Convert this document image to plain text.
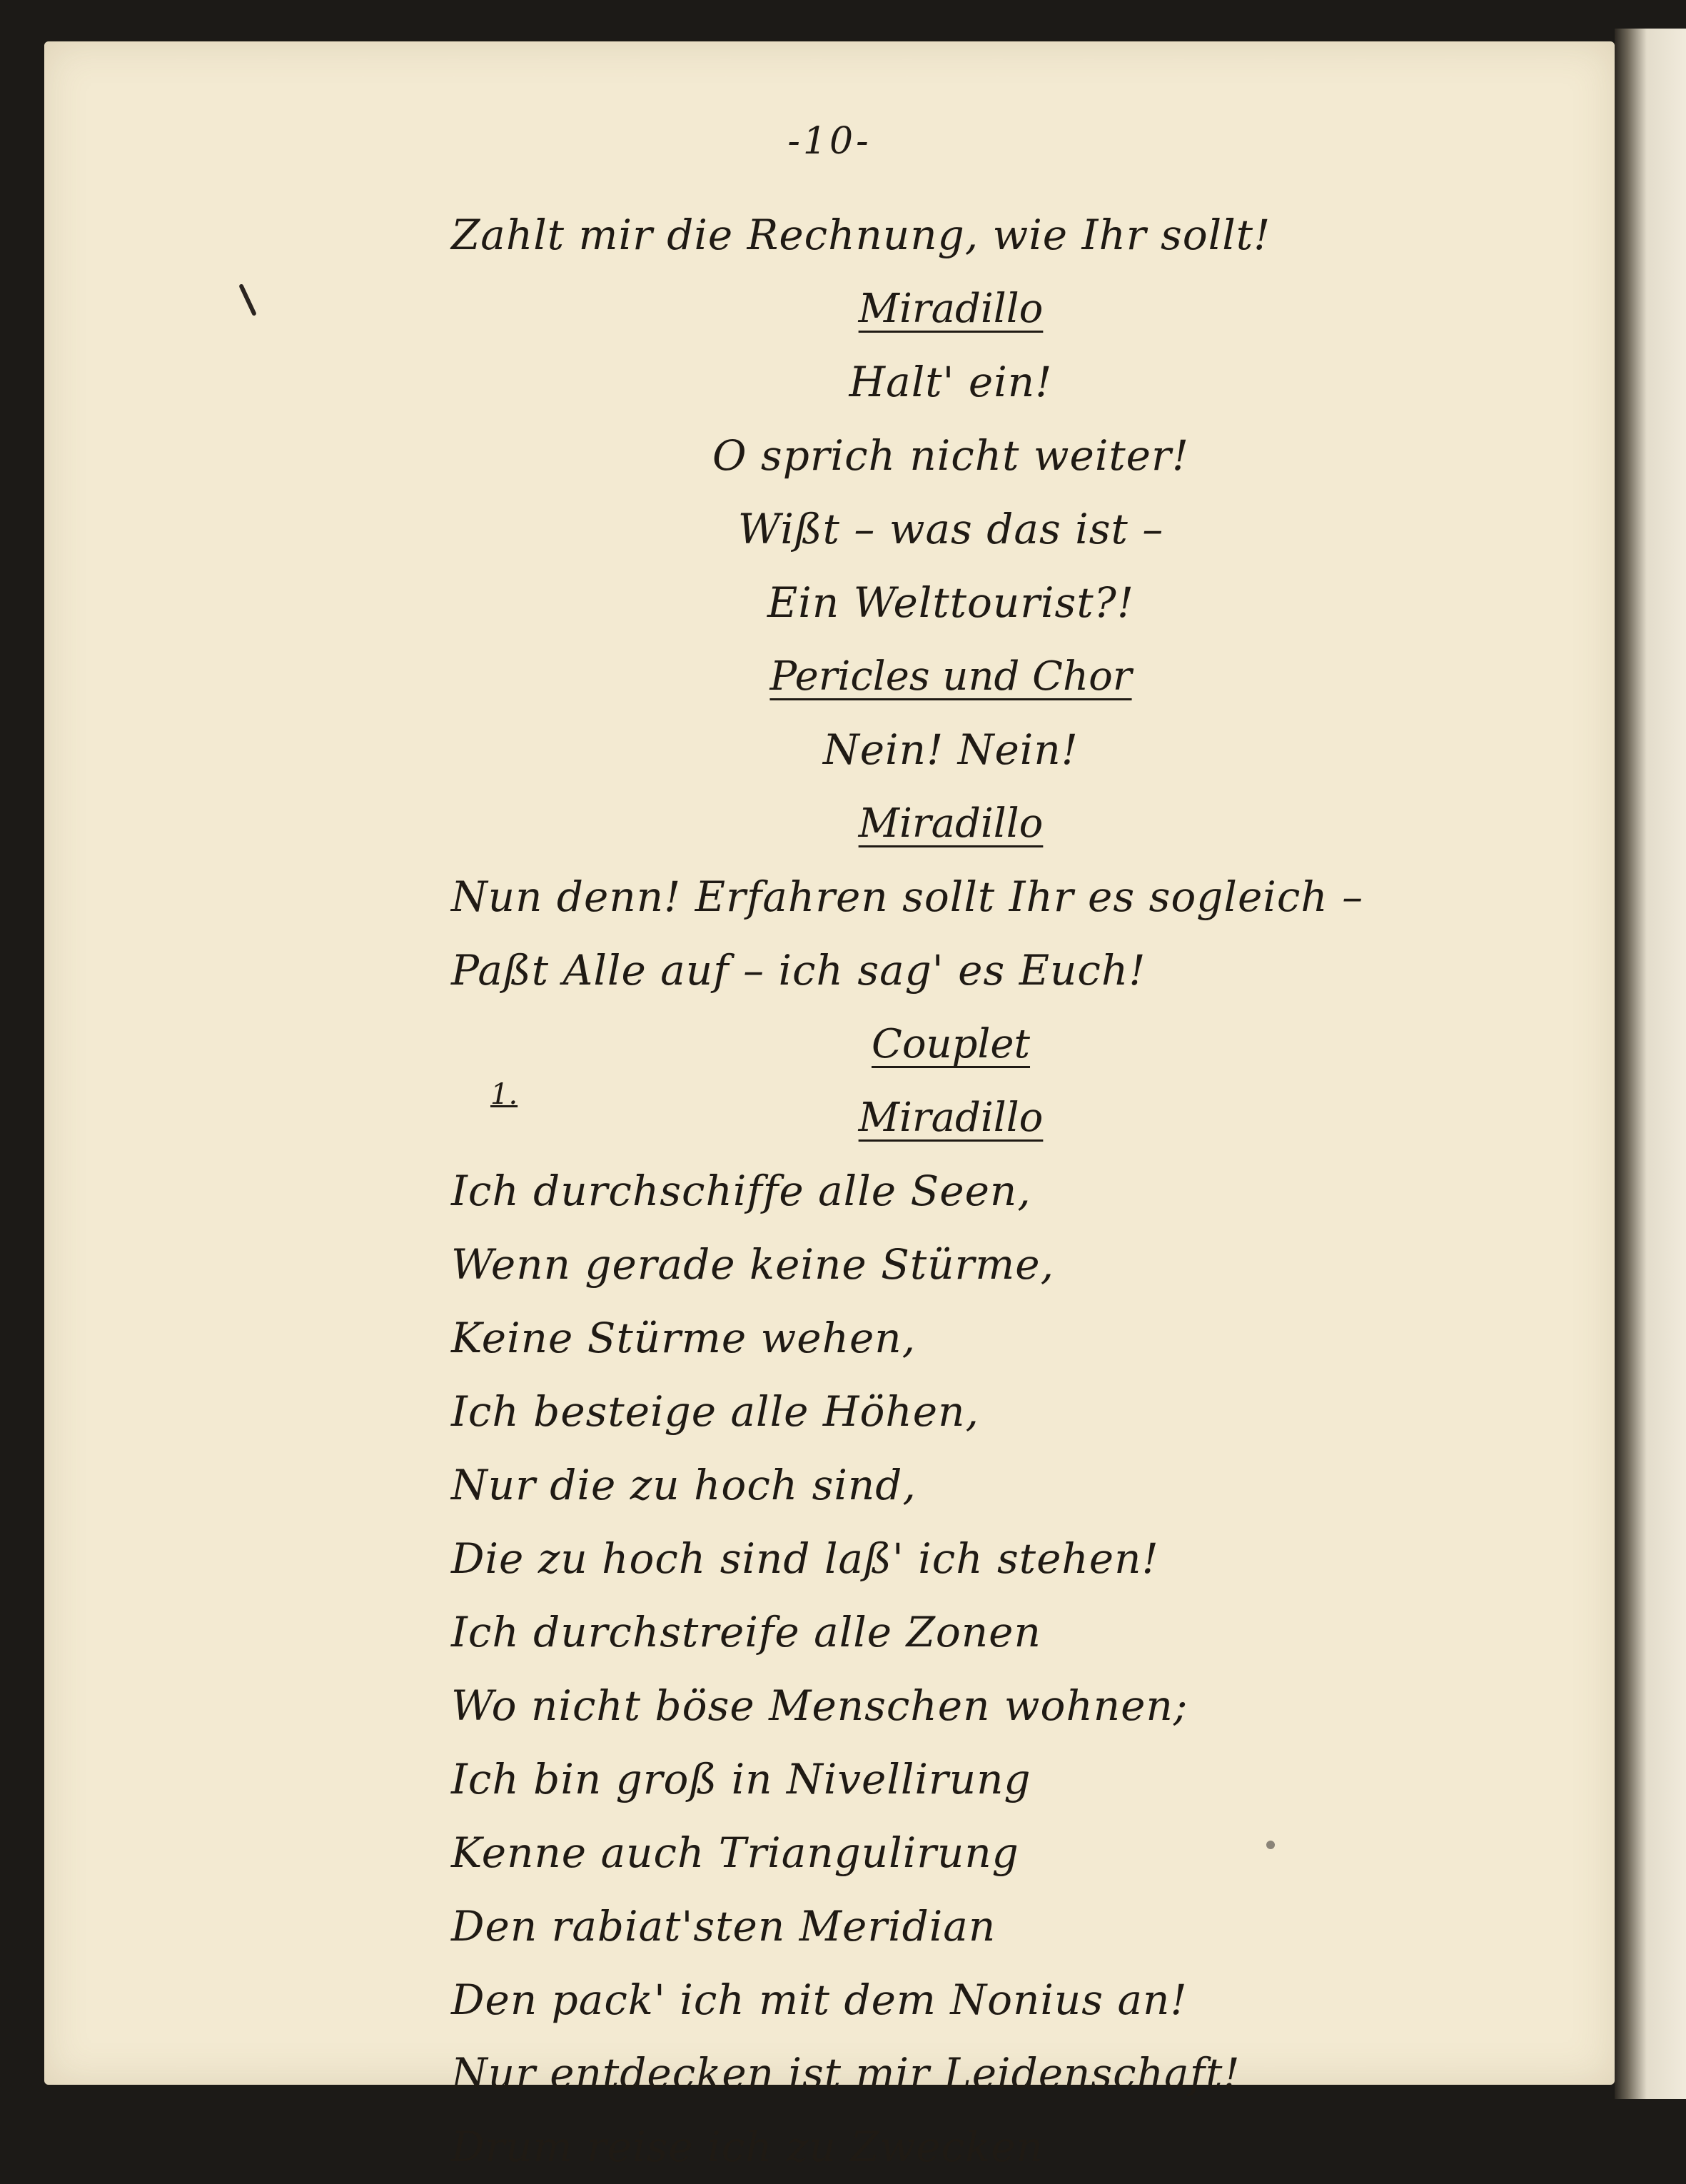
-10-
1.
Zahlt mir die Rechnung, wie Ihr sollt!
Miradillo
Halt' ein!
O sprich nicht weiter!
Wißt – was das ist –
Ein Welttourist?!
Pericles und Chor
Nein! Nein!
Miradillo
Nun denn! Erfahren sollt Ihr es sogleich –
Paßt Alle auf – ich sag' es Euch!
Couplet
Miradillo
Ich durchschiffe alle Seen,
Wenn gerade keine Stürme,
Keine Stürme wehen,
Ich besteige alle Höhen,
Nur die zu hoch sind,
Die zu hoch sind laß' ich stehen!
Ich durchstreife alle Zonen
Wo nicht böse Menschen wohnen;
Ich bin groß in Nivellirung
Kenne auch Triangulirung
Den rabiat'sten Meridian
Den pack' ich mit dem Nonius an!
Nur entdecken ist mir Leidenschaft!
Drum reise ich zu Zwecken
